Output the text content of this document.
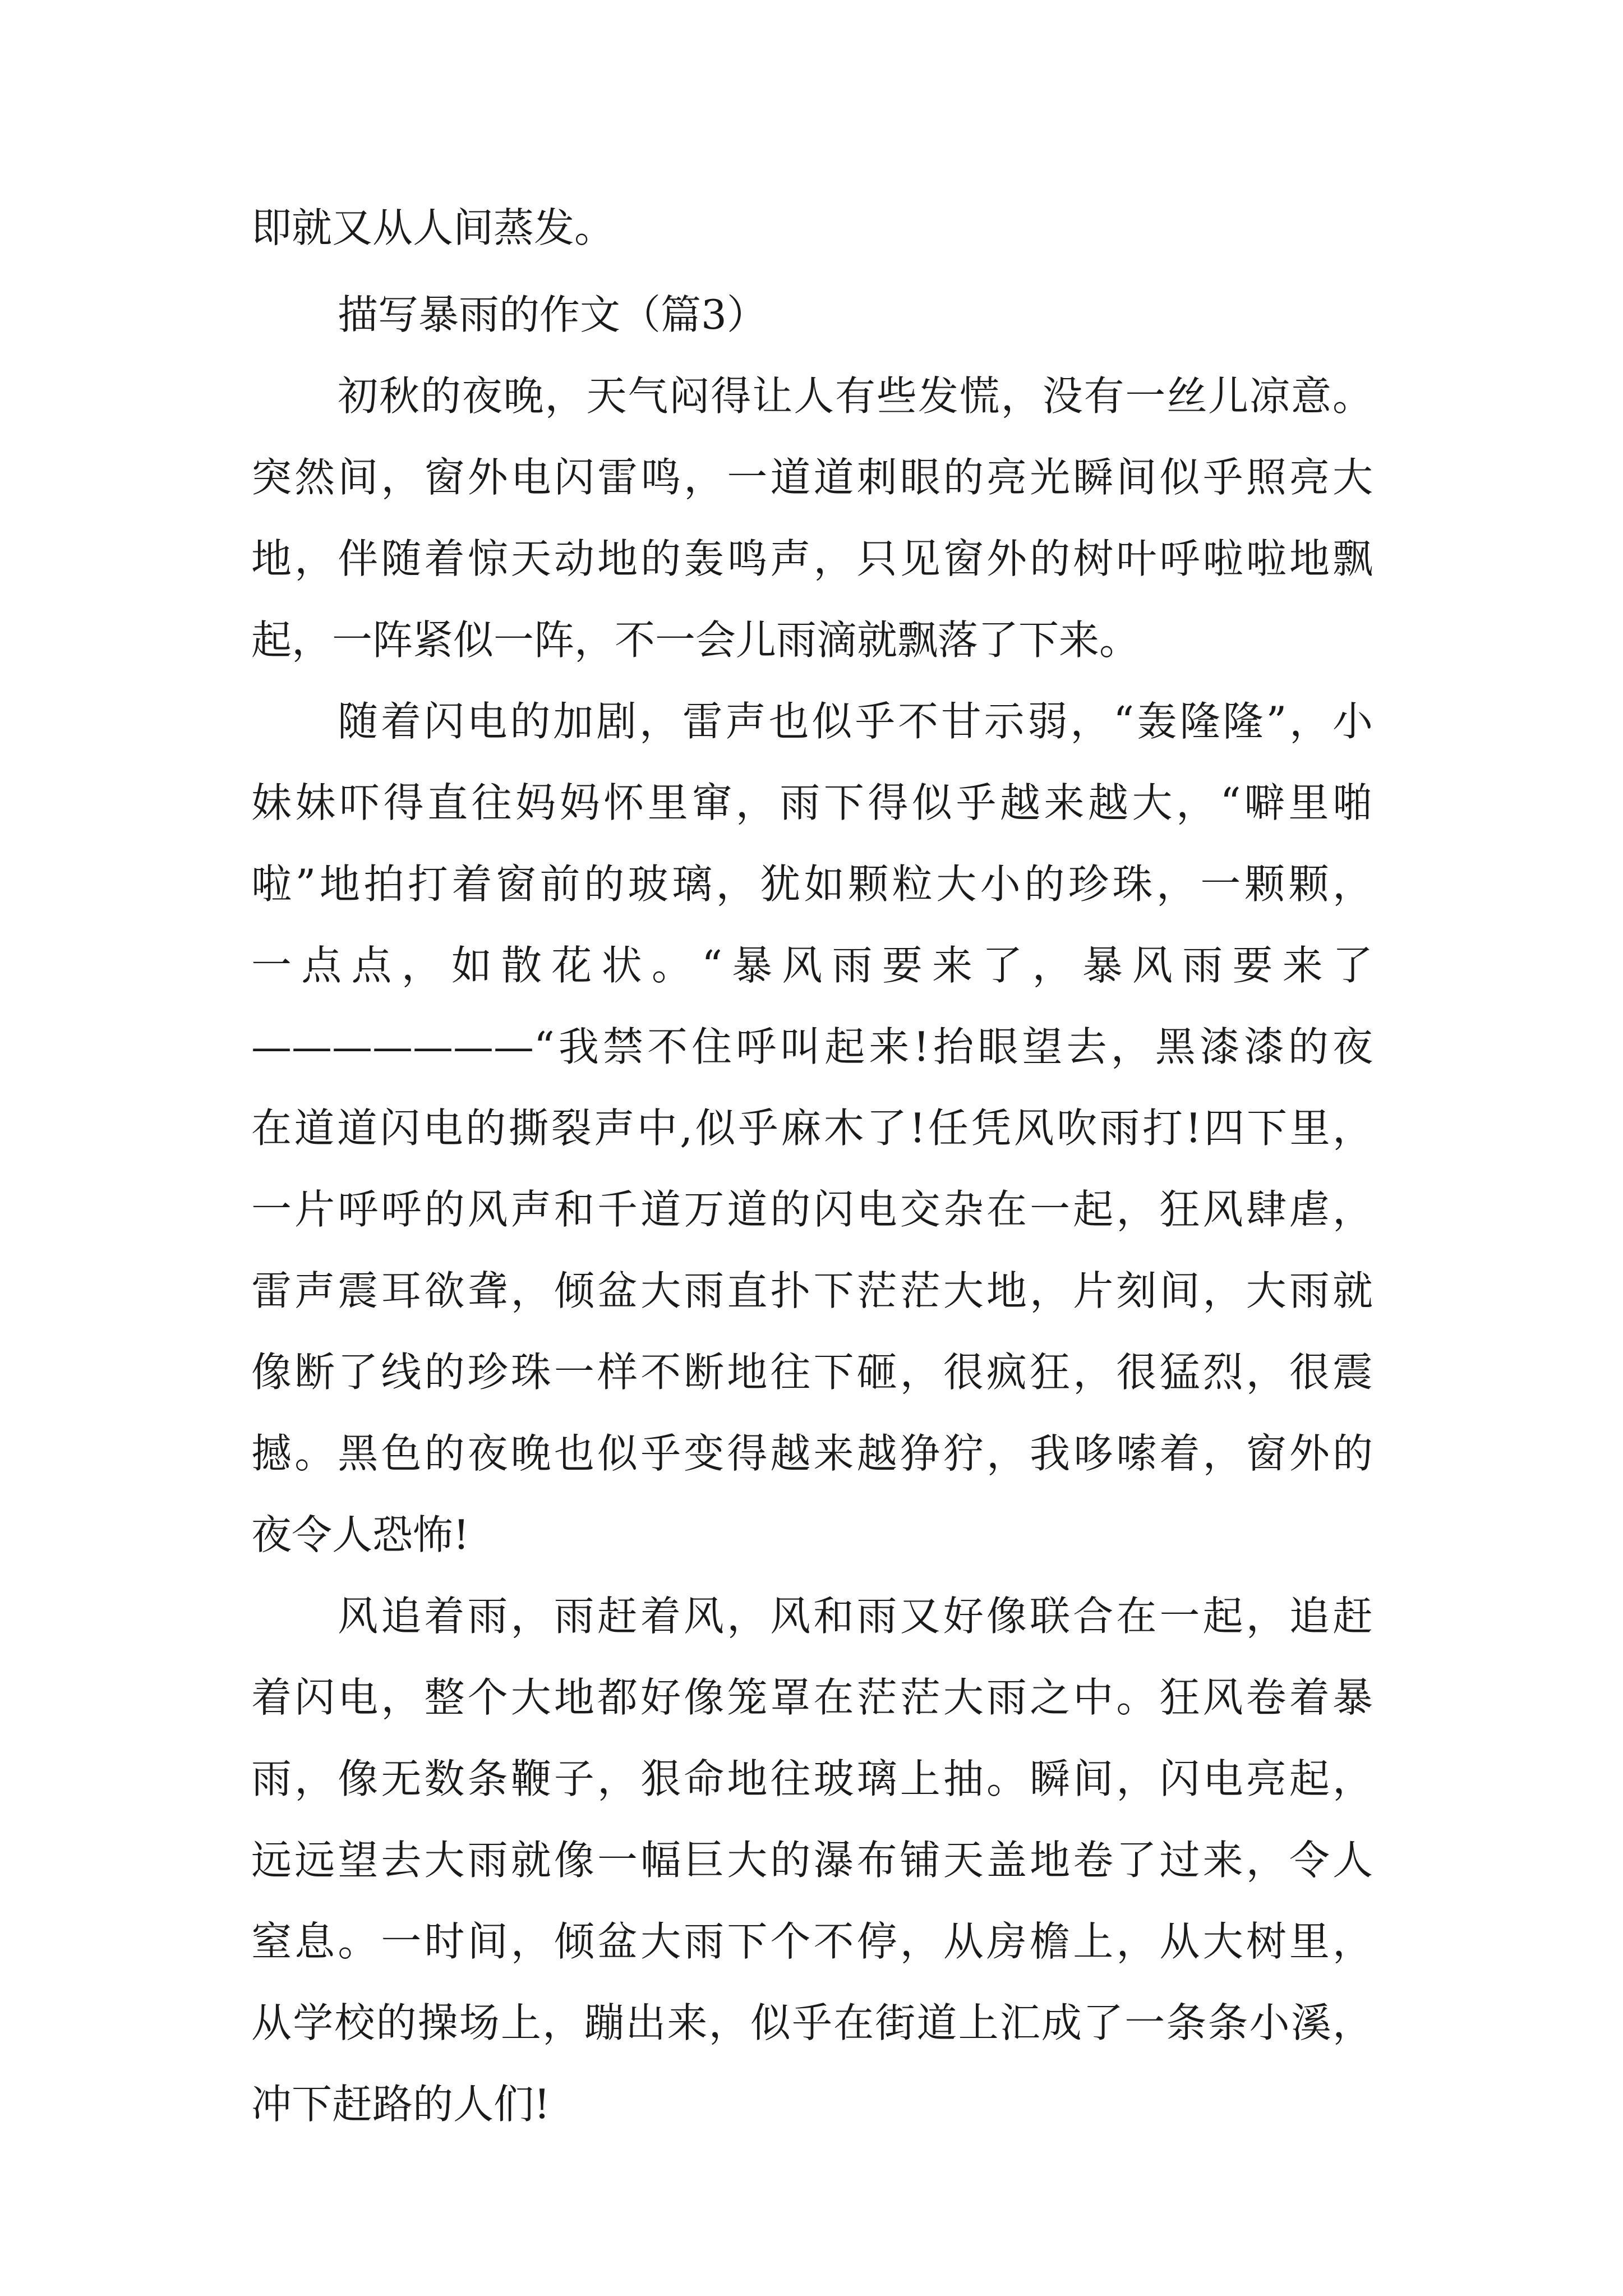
即就又从人间蒸发。
描写暴雨的作文（篇3）
初秋的夜晚，天气闷得让人有些发慌，没有一丝儿凉意。
突然间，窗外电闪雷鸣，一道道刺眼的亮光瞬间似乎照亮大
地，伴随着惊天动地的轰鸣声，只见窗外的树叶呼啦啦地飘
起，一阵紧似一阵，不一会儿雨滴就飘落了下来。
随着闪电的加剧，雷声也似乎不甘示弱，“轰隆隆”，小
妹妹吓得直往妈妈怀里窜，雨下得似乎越来越大，“噼里啪
啦”地拍打着窗前的玻璃，犹如颗粒大小的珍珠，一颗颗，
一点点，如散花状。“暴风雨要来了，暴风雨要来了
———————“我禁不住呼叫起来!抬眼望去，黑漆漆的夜
在道道闪电的撕裂声中,似乎麻木了!任凭风吹雨打!四下里，
一片呼呼的风声和千道万道的闪电交杂在一起，狂风肆虐，
雷声震耳欲聋，倾盆大雨直扑下茫茫大地，片刻间，大雨就
像断了线的珍珠一样不断地往下砸，很疯狂，很猛烈，很震
撼。黑色的夜晚也似乎变得越来越狰狞，我哆嗦着，窗外的
夜令人恐怖!
风追着雨，雨赶着风，风和雨又好像联合在一起，追赶
着闪电，整个大地都好像笼罩在茫茫大雨之中。狂风卷着暴
雨，像无数条鞭子，狠命地往玻璃上抽。瞬间，闪电亮起，
远远望去大雨就像一幅巨大的瀑布铺天盖地卷了过来，令人
窒息。一时间，倾盆大雨下个不停，从房檐上，从大树里，
从学校的操场上，蹦出来，似乎在街道上汇成了一条条小溪，
冲下赶路的人们!
